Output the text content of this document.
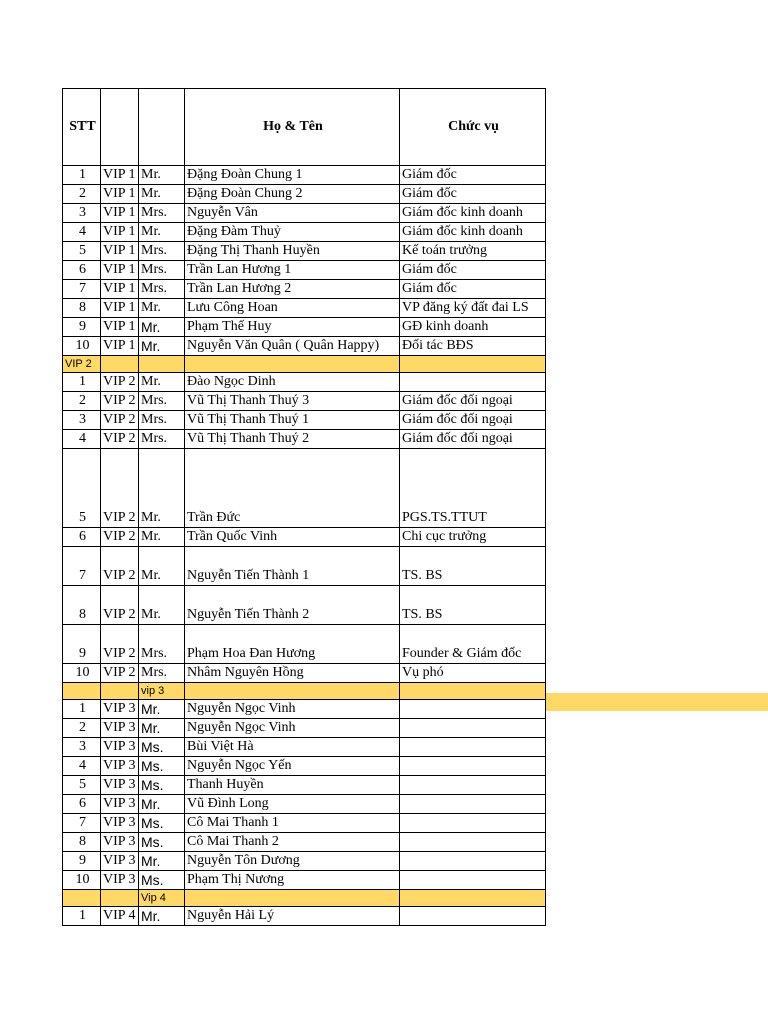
STT			Họ & Tên	Chức vụ
1	VIP 1	Mr.	Đặng Đoàn Chung 1	Giám đốc
2	VIP 1	Mr.	Đặng Đoàn Chung 2	Giám đốc
3	VIP 1	Mrs.	Nguyễn Vân	Giám đốc kinh doanh
4	VIP 1	Mr.	Đặng Đàm Thuỷ	Giám đốc kinh doanh
5	VIP 1	Mrs.	Đặng Thị Thanh Huyền	Kế toán trưởng
6	VIP 1	Mrs.	Trần Lan Hương 1	Giám đốc
7	VIP 1	Mrs.	Trần Lan Hương 2	Giám đốc
8	VIP 1	Mr.	Lưu Công Hoan	VP đăng ký đất đai LS
9	VIP 1	Mr.	Phạm Thế Huy	GĐ kinh doanh
10	VIP 1	Mr.	Nguyễn Văn Quân ( Quân Happy)	Đối tác BĐS
VIP 2				
1	VIP 2	Mr.	Đào Ngọc Dinh	
2	VIP 2	Mrs.	Vũ Thị Thanh Thuý 3	Giám đốc đối ngoại
3	VIP 2	Mrs.	Vũ Thị Thanh Thuý 1	Giám đốc đối ngoại
4	VIP 2	Mrs.	Vũ Thị Thanh Thuý 2	Giám đốc đối ngoại
5	VIP 2	Mr.	Trần Đức	PGS.TS.TTUT
6	VIP 2	Mr.	Trần Quốc Vinh	Chi cục trưởng
7	VIP 2	Mr.	Nguyễn Tiến Thành 1	TS. BS
8	VIP 2	Mr.	Nguyễn Tiến Thành 2	TS. BS
9	VIP 2	Mrs.	Phạm Hoa Đan Hương	Founder & Giám đốc
10	VIP 2	Mrs.	Nhâm Nguyên Hồng	Vụ phó
		vip 3		
1	VIP 3	Mr.	Nguyễn Ngọc Vinh	
2	VIP 3	Mr.	Nguyễn Ngọc Vinh	
3	VIP 3	Ms.	Bùi Việt Hà	
4	VIP 3	Ms.	Nguyễn Ngọc Yến	
5	VIP 3	Ms.	Thanh Huyền	
6	VIP 3	Mr.	Vũ Đình Long	
7	VIP 3	Ms.	Cô Mai Thanh 1	
8	VIP 3	Ms.	Cô Mai Thanh 2	
9	VIP 3	Mr.	Nguyễn Tôn Dương	
10	VIP 3	Ms.	Phạm Thị Nương	
		Vip 4		
1	VIP 4	Mr.	Nguyễn Hải Lý	
